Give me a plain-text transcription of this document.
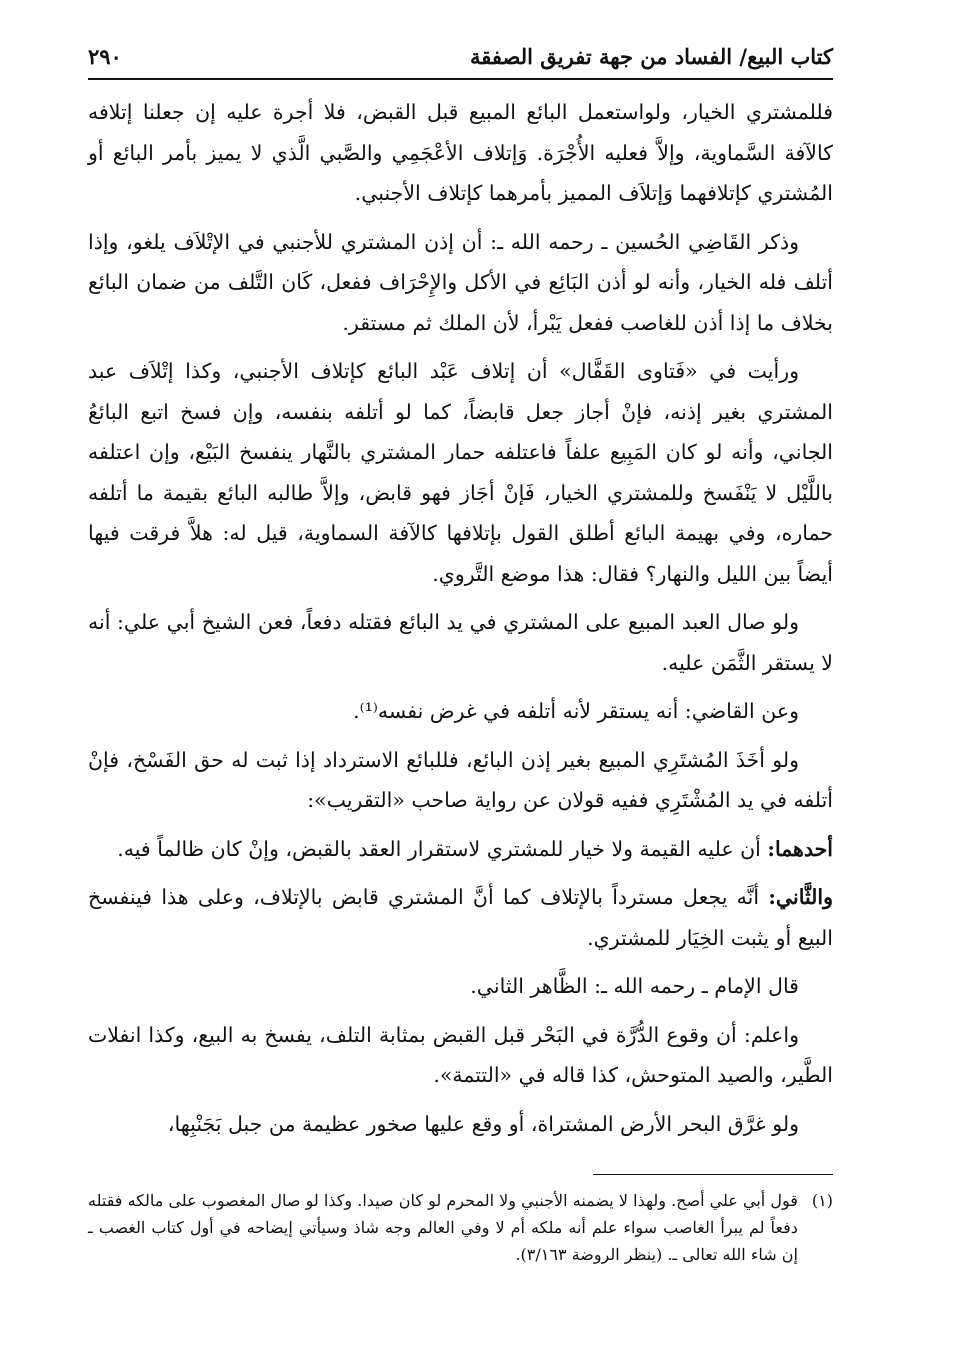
كتاب البيع/ الفساد من جهة تفريق الصفقة
٢٩٠

فللمشتري الخيار، ولواستعمل البائع المبيع قبل القبض، فلا أجرة عليه إن جعلنا إتلافه كالآفة السَّماوية، وإلاَّ فعليه الأُجْرَة. وَإتلاف الأعْجَمِي والصَّبي الَّذي لا يميز بأمر البائع أو المُشتري كإتلافهما وَإتلاَف المميز بأمرهما كإتلاف الأجنبي.

وذكر القَاضِي الحُسين ـ رحمه الله ـ: أن إذن المشتري للأجنبي في الإتْلاَف يلغو، وإذا أتلف فله الخيار، وأنه لو أذن البَائِع في الأكل والإِحْرَاف ففعل، كَان التَّلف من ضمان البائع بخلاف ما إذا أذن للغاصب ففعل يَبْرأ، لأن الملك ثم مستقر.

ورأيت في «فَتاوى القَفَّال» أن إتلاف عَبْد البائع كإتلاف الأجنبي، وكذا إتْلاَف عبد المشتري بغير إذنه، فإنْ أجاز جعل قابضاً، كما لو أتلفه بنفسه، وإن فسخ اتبع البائعُ الجاني، وأنه لو كان المَبِيع علفاً فاعتلفه حمار المشتري بالنَّهار ينفسخ البَيْع، وإن اعتلفه باللَّيْل لا يَنْفَسخ وللمشتري الخيار، فَإنْ أجَاز فهو قابض، وإلاَّ طالبه البائع بقيمة ما أتلفه حماره، وفي بهيمة البائع أطلق القول بإتلافها كالآفة السماوية، قيل له: هلاَّ فرقت فيها أيضاً بين الليل والنهار؟ فقال: هذا موضع التَّروي.

ولو صال العبد المبيع على المشتري في يد البائع فقتله دفعاً، فعن الشيخ أبي علي: أنه لا يستقر الثَّمَن عليه.

وعن القاضي: أنه يستقر لأنه أتلفه في غرض نفسه⁽¹⁾.

ولو أخَذَ المُشتَرِي المبيع بغير إذن البائع، فللبائع الاسترداد إذا ثبت له حق الفَسْخ، فإنْ أتلفه في يد المُشْتَرِي ففيه قولان عن رواية صاحب «التقريب»:

أحدهما: أن عليه القيمة ولا خيار للمشتري لاستقرار العقد بالقبض، وإنْ كان ظالماً فيه.

والثَّاني: أنَّه يجعل مسترداً بالإتلاف كما أنَّ المشتري قابض بالإتلاف، وعلى هذا فينفسخ البيع أو يثبت الخِيَار للمشتري.

قال الإمام ـ رحمه الله ـ: الظَّاهر الثاني.

واعلم: أن وقوع الدُّرَّة في البَحْر قبل القبض بمثابة التلف، يفسخ به البيع، وكذا انفلات الطَّير، والصيد المتوحش، كذا قاله في «التتمة».

ولو غرَّق البحر الأرض المشتراة، أو وقع عليها صخور عظيمة من جبل بَجَنْبِها،

(١)
قول أبي علي أصح. ولهذا لا يضمنه الأجنبي ولا المحرم لو كان صيدا. وكذا لو صال المغصوب على مالكه فقتله دفعاً لم يبرأ الغاصب سواء علم أنه ملكه أم لا وفي العالم وجه شاذ وسيأتي إيضاحه في أول كتاب الغصب ـ إن شاء الله تعالى ـ. (ينظر الروضة ٣/١٦٣).
